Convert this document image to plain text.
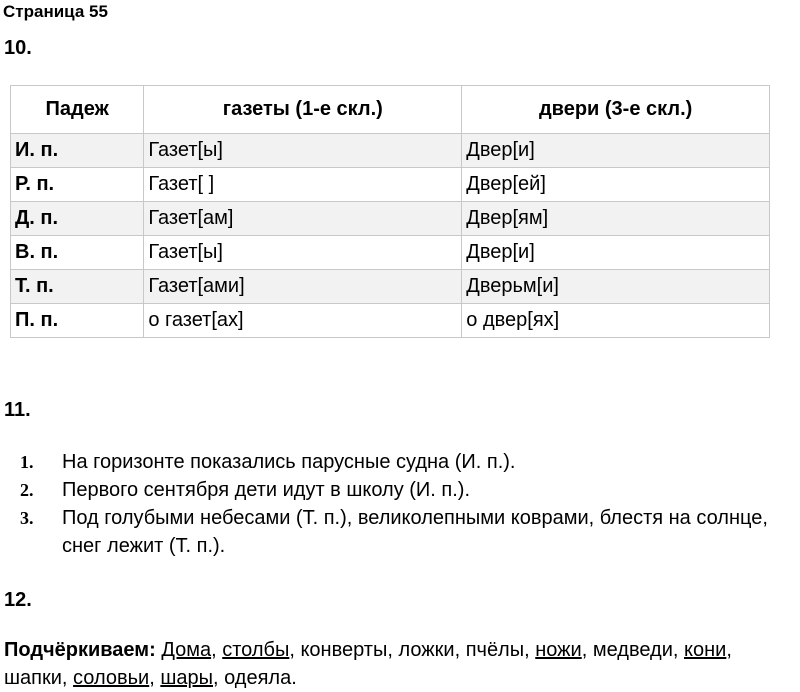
Страница 55
10.
Падеж	газеты (1-е скл.)	двери (3-е скл.)
И. п.	Газет[ы]	Двер[и]
Р. п.	Газет[ ]	Двер[ей]
Д. п.	Газет[ам]	Двер[ям]
В. п.	Газет[ы]	Двер[и]
Т. п.	Газет[ами]	Дверьм[и]
П. п.	о газет[ах]	о двер[ях]
11.
1. На горизонте показались парусные судна (И. п.).
2. Первого сентября дети идут в школу (И. п.).
3. Под голубыми небесами (Т. п.), великолепными коврами, блестя на солнце, снег лежит (Т. п.).
12.

Подчёркиваем: Дома, столбы, конверты, ложки, пчёлы, ножи, медведи, кони, шапки, соловьи, шары, одеяла.
